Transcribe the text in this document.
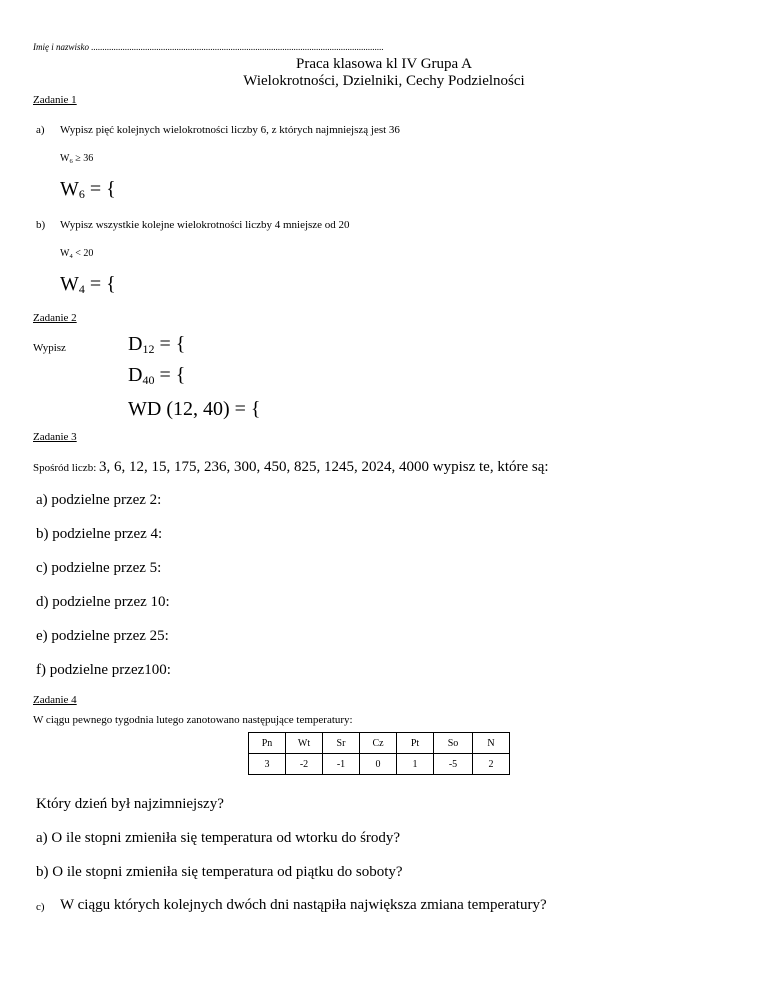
Imię i nazwisko ..................................................................................................................................
Praca klasowa kl IV Grupa A
Wielokrotności, Dzielniki, Cechy Podzielności
Zadanie 1
a) Wypisz pięć kolejnych wielokrotności liczby 6, z których najmniejszą jest 36
$W_6 \ge 36$
$W_6$ = {
b) Wypisz wszystkie kolejne wielokrotności liczby 4 mniejsze od 20
$W_4 < 20$
$W_4$ = {
Zadanie 2
Wypisz	$D_{12}$ = {
$D_{40}$ = {
WD (12, 40) = {
Zadanie 3
Spośród liczb: 3, 6, 12, 15, 175, 236, 300, 450, 825, 1245, 2024, 4000 wypisz te, które są:
a) podzielne przez 2:
b) podzielne przez 4:
c) podzielne przez 5:
d) podzielne przez 10:
e) podzielne przez 25:
f) podzielne przez100:
Zadanie 4
W ciągu pewnego tygodnia lutego zanotowano następujące temperatury:
Pn	Wt	Sr	Cz	Pt	So	N
3	-2	-1	0	1	-5	2
Który dzień był najzimniejszy?
a) O ile stopni zmieniła się temperatura od wtorku do środy?
b) O ile stopni zmieniła się temperatura od piątku do soboty?
c) W ciągu których kolejnych dwóch dni nastąpiła największa zmiana temperatury?
